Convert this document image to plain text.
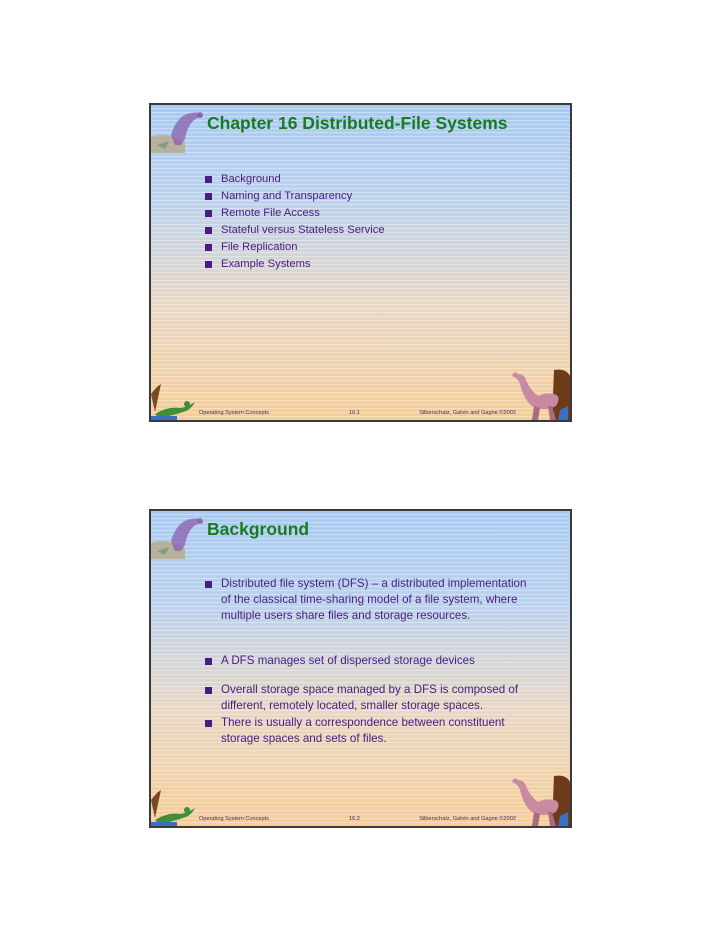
Chapter 16 Distributed-File Systems
Background
Naming and Transparency
Remote File Access
Stateful versus Stateless Service
File Replication
Example Systems
Operating System Concepts	16.1	Silberschatz, Galvin and Gagne ©2002
Background
Distributed file system (DFS) – a distributed implementation of the classical time-sharing model of a file system, where multiple users share files and storage resources.
A DFS manages set of dispersed storage devices
Overall storage space managed by a DFS is composed of different, remotely located, smaller storage spaces.
There is usually a correspondence between constituent storage spaces and sets of files.
Operating System Concepts	16.2	Silberschatz, Galvin and Gagne ©2002
